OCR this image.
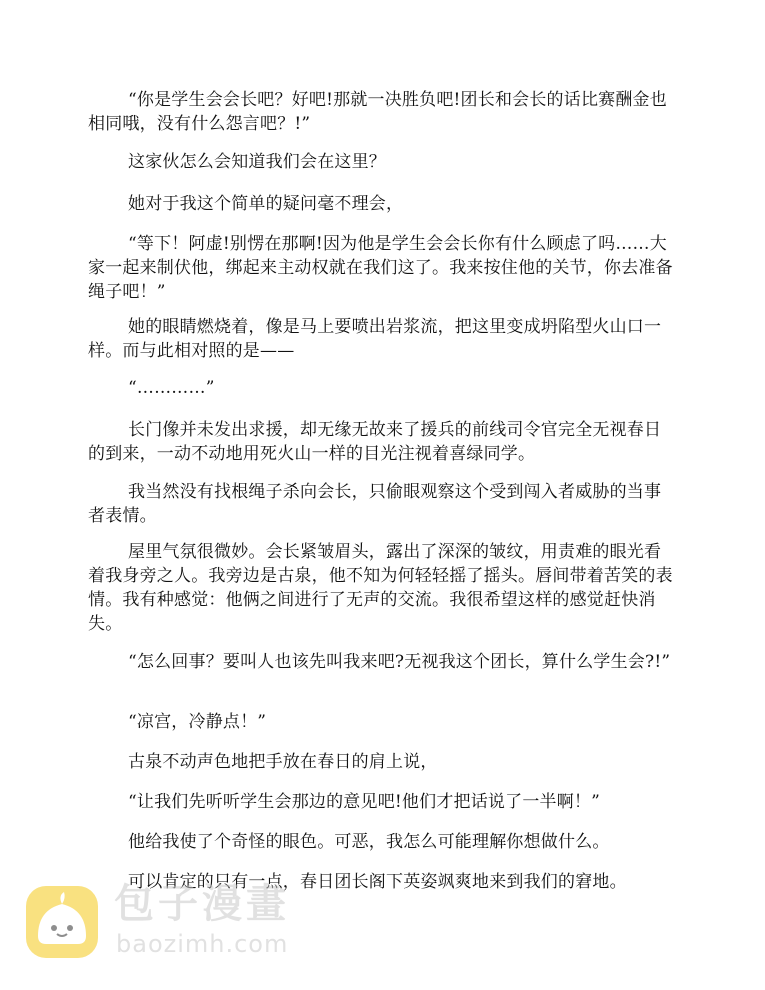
“你是学生会会长吧？好吧!那就一决胜负吧!团长和会长的话比赛酬金也相同哦，没有什么怨言吧？!”

这家伙怎么会知道我们会在这里？

她对于我这个简单的疑问毫不理会，

“等下！阿虚!别愣在那啊!因为他是学生会会长你有什么顾虑了吗……大家一起来制伏他，绑起来主动权就在我们这了。我来按住他的关节，你去准备绳子吧！”

她的眼睛燃烧着，像是马上要喷出岩浆流，把这里变成坍陷型火山口一样。而与此相对照的是——

“…………”

长门像并未发出求援，却无缘无故来了援兵的前线司令官完全无视春日的到来，一动不动地用死火山一样的目光注视着喜绿同学。

我当然没有找根绳子杀向会长，只偷眼观察这个受到闯入者威胁的当事者表情。

屋里气氛很微妙。会长紧皱眉头，露出了深深的皱纹，用责难的眼光看着我身旁之人。我旁边是古泉，他不知为何轻轻摇了摇头。唇间带着苦笑的表情。我有种感觉：他俩之间进行了无声的交流。我很希望这样的感觉赶快消失。

“怎么回事？要叫人也该先叫我来吧?无视我这个团长，算什么学生会?!”

“凉宫，冷静点！”

古泉不动声色地把手放在春日的肩上说，

“让我们先听听学生会那边的意见吧!他们才把话说了一半啊！”

他给我使了个奇怪的眼色。可恶，我怎么可能理解你想做什么。

可以肯定的只有一点，春日团长阁下英姿飒爽地来到我们的窘地。

包子漫畫
baozimh.com
